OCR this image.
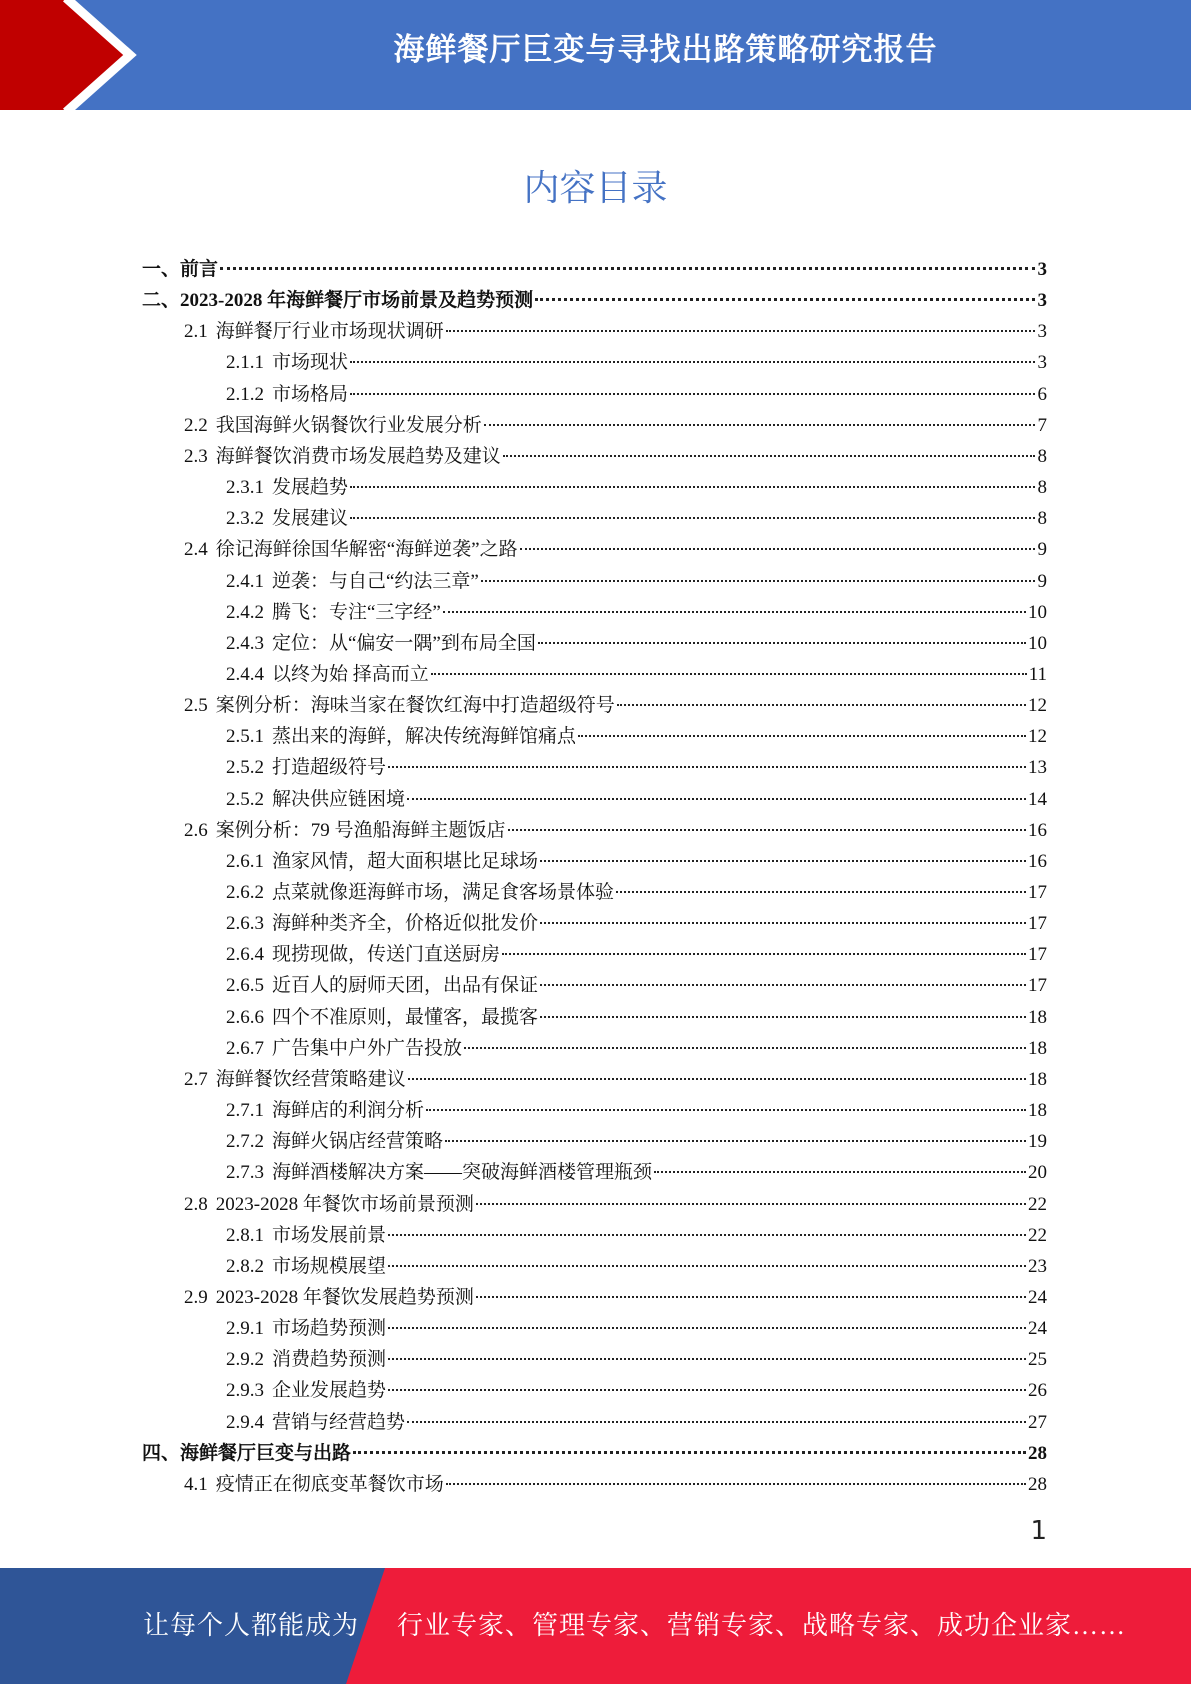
海鲜餐厅巨变与寻找出路策略研究报告
内容目录
一、前言	3
二、2023-2028 年海鲜餐厅市场前景及趋势预测	3
2.1 海鲜餐厅行业市场现状调研	3
2.1.1 市场现状	3
2.1.2 市场格局	6
2.2 我国海鲜火锅餐饮行业发展分析	7
2.3 海鲜餐饮消费市场发展趋势及建议	8
2.3.1 发展趋势	8
2.3.2 发展建议	8
2.4 徐记海鲜徐国华解密“海鲜逆袭”之路	9
2.4.1 逆袭：与自己“约法三章”	9
2.4.2 腾飞：专注“三字经”	10
2.4.3 定位：从“偏安一隅”到布局全国	10
2.4.4 以终为始 择高而立	11
2.5 案例分析：海味当家在餐饮红海中打造超级符号	12
2.5.1 蒸出来的海鲜，解决传统海鲜馆痛点	12
2.5.2 打造超级符号	13
2.5.2 解决供应链困境	14
2.6 案例分析：79 号渔船海鲜主题饭店	16
2.6.1 渔家风情，超大面积堪比足球场	16
2.6.2 点菜就像逛海鲜市场，满足食客场景体验	17
2.6.3 海鲜种类齐全，价格近似批发价	17
2.6.4 现捞现做，传送门直送厨房	17
2.6.5 近百人的厨师天团，出品有保证	17
2.6.6 四个不准原则，最懂客，最揽客	18
2.6.7 广告集中户外广告投放	18
2.7 海鲜餐饮经营策略建议	18
2.7.1 海鲜店的利润分析	18
2.7.2 海鲜火锅店经营策略	19
2.7.3 海鲜酒楼解决方案——突破海鲜酒楼管理瓶颈	20
2.8 2023-2028 年餐饮市场前景预测	22
2.8.1 市场发展前景	22
2.8.2 市场规模展望	23
2.9 2023-2028 年餐饮发展趋势预测	24
2.9.1 市场趋势预测	24
2.9.2 消费趋势预测	25
2.9.3 企业发展趋势	26
2.9.4 营销与经营趋势	27
四、海鲜餐厅巨变与出路	28
4.1 疫情正在彻底变革餐饮市场	28
1
让每个人都能成为 行业专家、管理专家、营销专家、战略专家、成功企业家……
